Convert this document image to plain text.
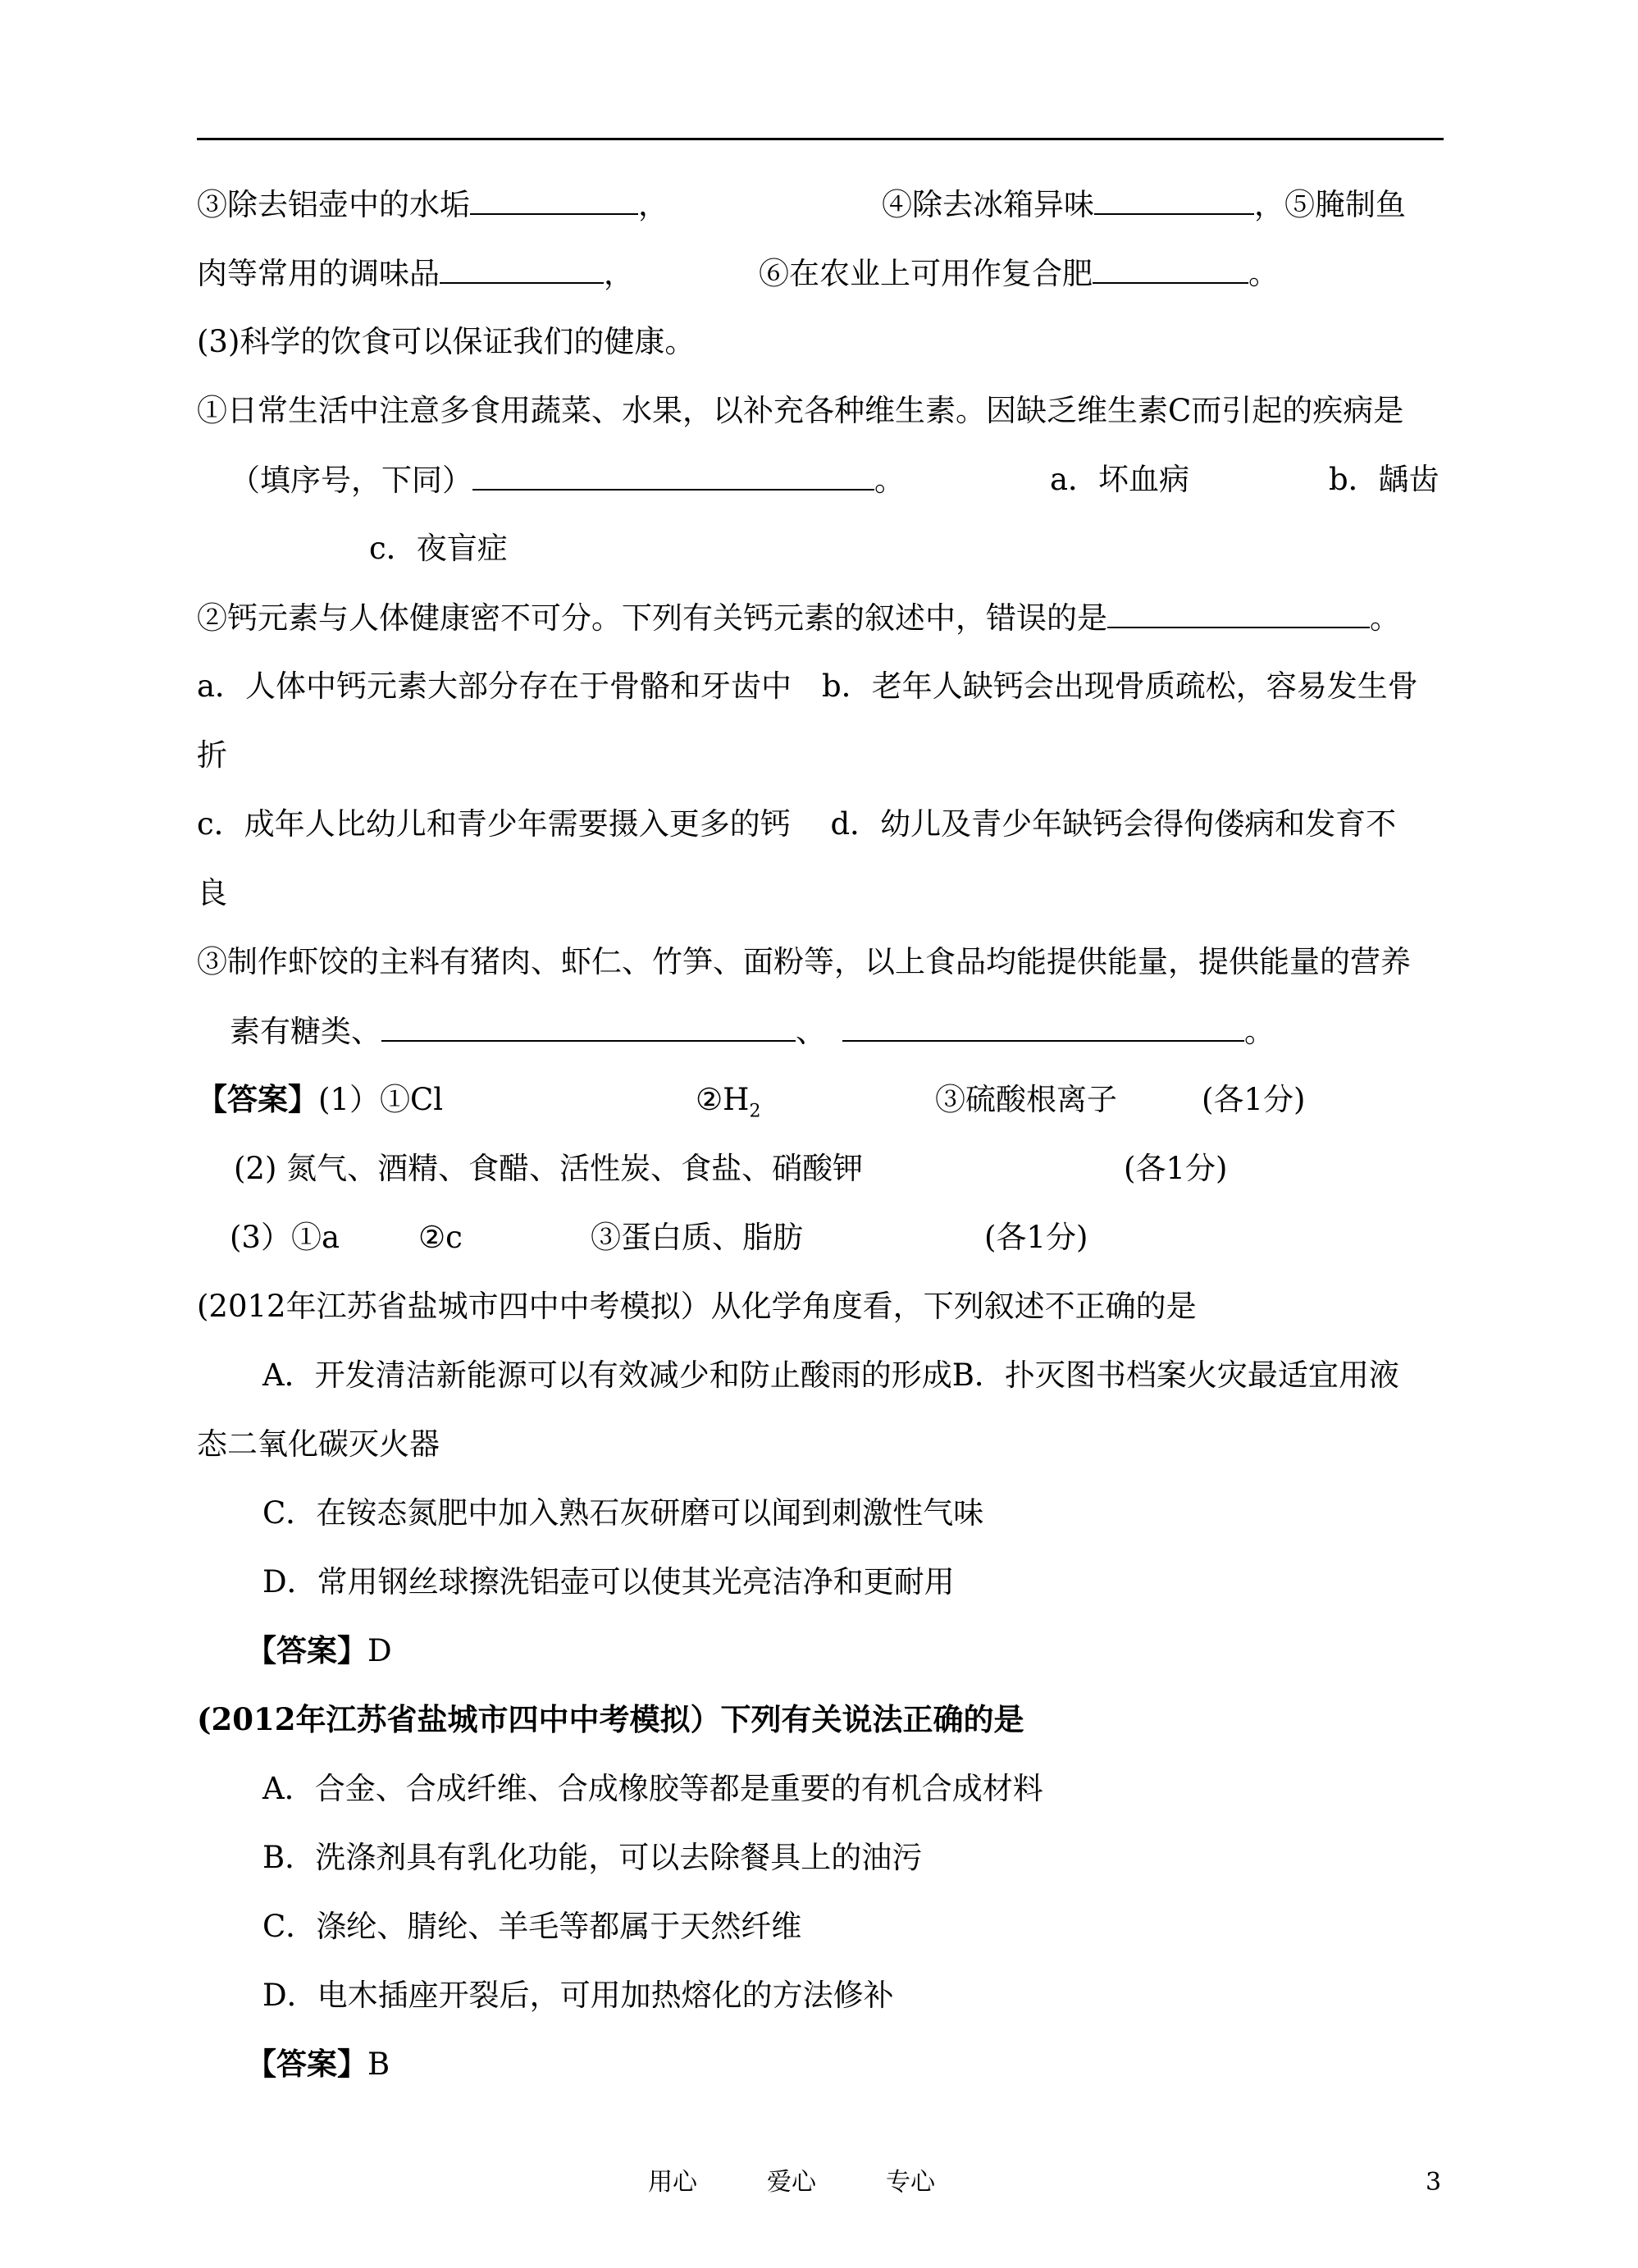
③除去铝壶中的水垢	，	④除去冰箱异味	，⑤腌制鱼
肉等常用的调味品	，	⑥在农业上可用作复合肥	。
(3)科学的饮食可以保证我们的健康。
①日常生活中注意多食用蔬菜、水果，以补充各种维生素。因缺乏维生素C而引起的疾病是
（填序号，下同）	。	a．坏血病	b．龋齿
c．夜盲症
②钙元素与人体健康密不可分。下列有关钙元素的叙述中，错误的是	。
a．人体中钙元素大部分存在于骨骼和牙齿中　b．老年人缺钙会出现骨质疏松，容易发生骨
折
c．成年人比幼儿和青少年需要摄入更多的钙　 d．幼儿及青少年缺钙会得佝偻病和发育不
良
③制作虾饺的主料有猪肉、虾仁、竹笋、面粉等，以上食品均能提供能量，提供能量的营养
素有糖类、	、	。
【答案】(1）①Cl	$②H_2$	③硫酸根离子	(各1分)
(2) 氮气、酒精、食醋、活性炭、食盐、硝酸钾	(各1分)
(3）①a	②c	③蛋白质、脂肪	(各1分)
(2012年江苏省盐城市四中中考模拟）从化学角度看，下列叙述不正确的是
A．开发清洁新能源可以有效减少和防止酸雨的形成B．扑灭图书档案火灾最适宜用液
态二氧化碳灭火器
C．在铵态氮肥中加入熟石灰研磨可以闻到刺激性气味
D．常用钢丝球擦洗铝壶可以使其光亮洁净和更耐用
【答案】D
(2012年江苏省盐城市四中中考模拟）下列有关说法正确的是
A．合金、合成纤维、合成橡胶等都是重要的有机合成材料
B．洗涤剂具有乳化功能，可以去除餐具上的油污
C．涤纶、腈纶、羊毛等都属于天然纤维
D．电木插座开裂后，可用加热熔化的方法修补
【答案】B
用心	爱心	专心	3
